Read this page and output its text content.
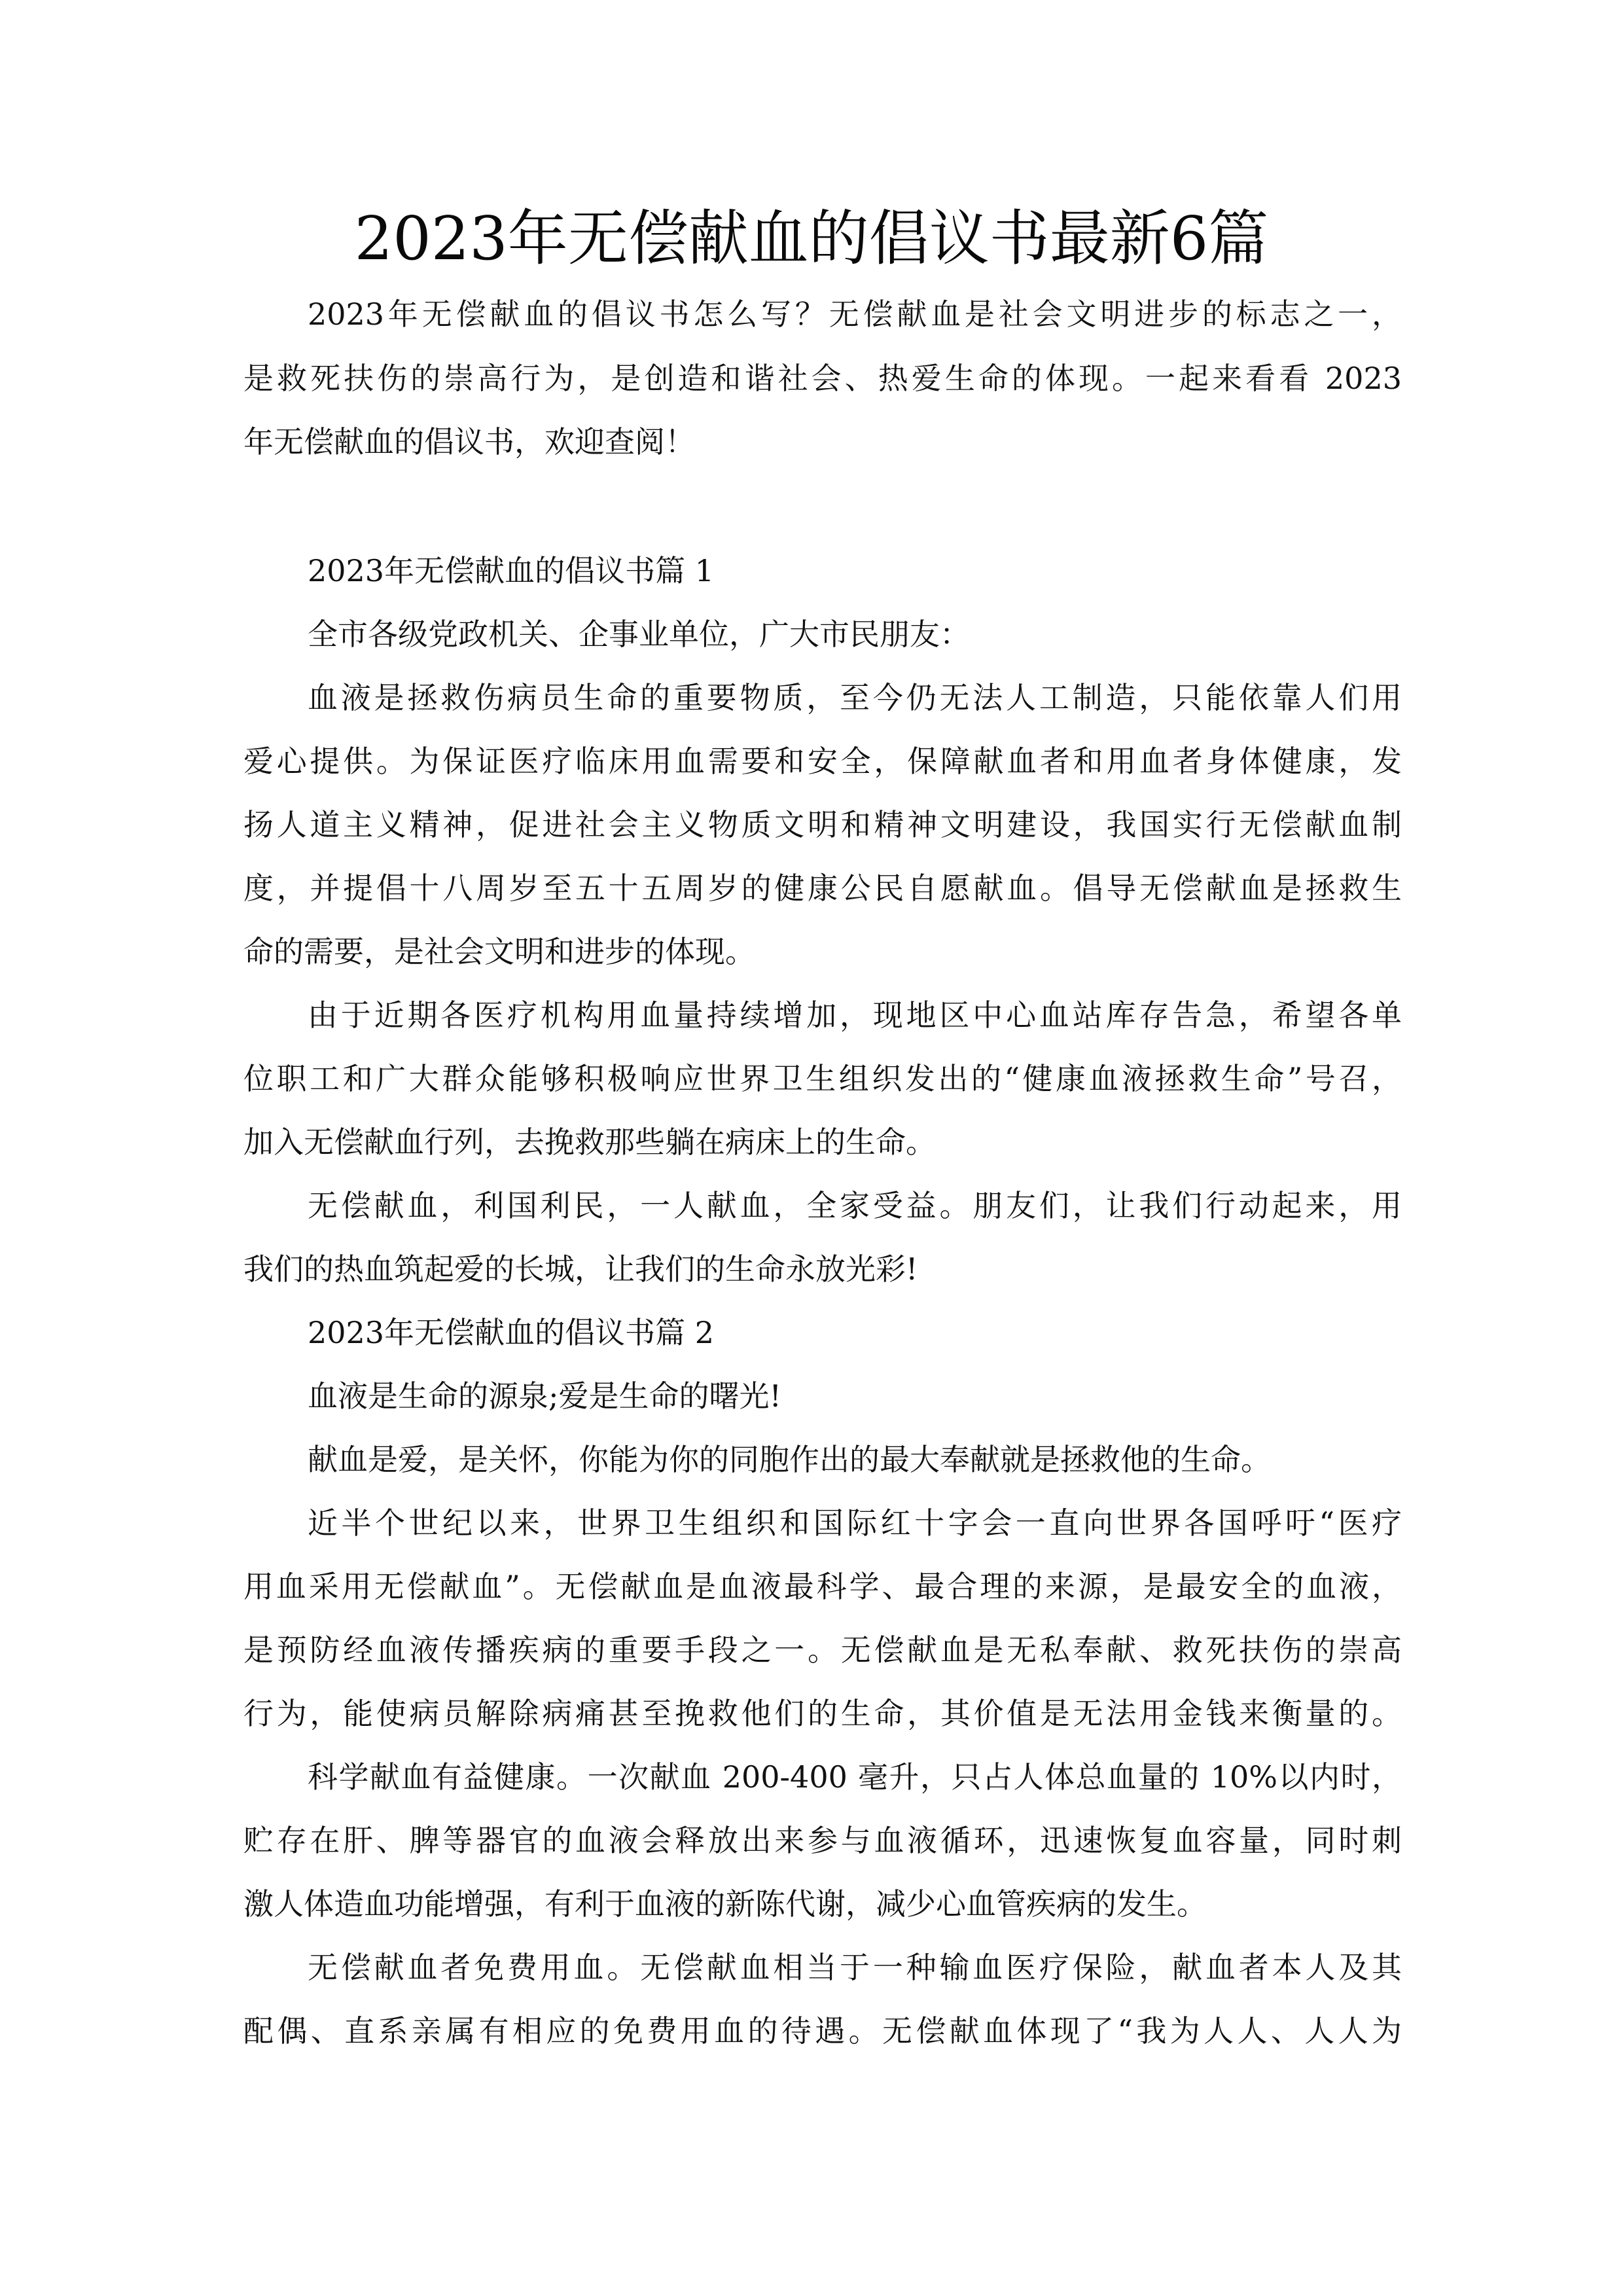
2023年无偿献血的倡议书最新6篇
2023年无偿献血的倡议书怎么写？无偿献血是社会文明进步的标志之一，
是救死扶伤的崇高行为，是创造和谐社会、热爱生命的体现。一起来看看 2023
年无偿献血的倡议书，欢迎查阅！
2023年无偿献血的倡议书篇 1
全市各级党政机关、企事业单位，广大市民朋友：
血液是拯救伤病员生命的重要物质，至今仍无法人工制造，只能依靠人们用
爱心提供。为保证医疗临床用血需要和安全，保障献血者和用血者身体健康，发
扬人道主义精神，促进社会主义物质文明和精神文明建设，我国实行无偿献血制
度，并提倡十八周岁至五十五周岁的健康公民自愿献血。倡导无偿献血是拯救生
命的需要，是社会文明和进步的体现。
由于近期各医疗机构用血量持续增加，现地区中心血站库存告急，希望各单
位职工和广大群众能够积极响应世界卫生组织发出的“健康血液拯救生命”号召，
加入无偿献血行列，去挽救那些躺在病床上的生命。
无偿献血，利国利民，一人献血，全家受益。朋友们，让我们行动起来，用
我们的热血筑起爱的长城，让我们的生命永放光彩!
2023年无偿献血的倡议书篇 2
血液是生命的源泉;爱是生命的曙光!
献血是爱，是关怀，你能为你的同胞作出的最大奉献就是拯救他的生命。
近半个世纪以来，世界卫生组织和国际红十字会一直向世界各国呼吁“医疗
用血采用无偿献血”。无偿献血是血液最科学、最合理的来源，是最安全的血液，
是预防经血液传播疾病的重要手段之一。无偿献血是无私奉献、救死扶伤的崇高
行为，能使病员解除病痛甚至挽救他们的生命，其价值是无法用金钱来衡量的。
科学献血有益健康。一次献血 200-400 毫升，只占人体总血量的 10%以内时，
贮存在肝、脾等器官的血液会释放出来参与血液循环，迅速恢复血容量，同时刺
激人体造血功能增强，有利于血液的新陈代谢，减少心血管疾病的发生。
无偿献血者免费用血。无偿献血相当于一种输血医疗保险，献血者本人及其
配偶、直系亲属有相应的免费用血的待遇。无偿献血体现了“我为人人、人人为
